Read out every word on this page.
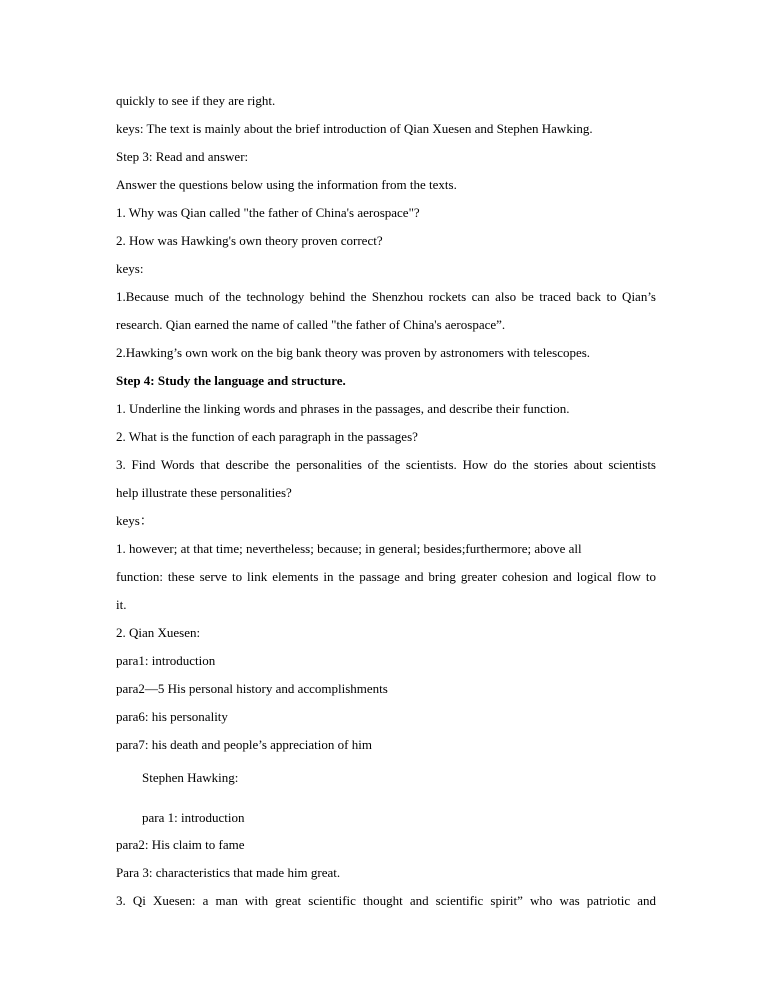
quickly to see if they are right.
keys: The text is mainly about the brief introduction of Qian Xuesen and Stephen Hawking.
Step 3: Read and answer:
Answer the questions below using the information from the texts.
1. Why was Qian called "the father of China's aerospace"?
2. How was Hawking's own theory proven correct?
keys:
1.Because much of the technology behind the Shenzhou rockets can also be traced back to Qian’s
research. Qian earned the name of called "the father of China's aerospace”.
2.Hawking’s own work on the big bank theory was proven by astronomers with telescopes.
Step 4: Study the language and structure.
1. Underline the linking words and phrases in the passages, and describe their function.
2. What is the function of each paragraph in the passages?
3. Find Words that describe the personalities of the scientists. How do the stories about scientists
help illustrate these personalities?
keys：
1. however; at that time; nevertheless; because; in general; besides;furthermore; above all
function: these serve to link elements in the passage and bring greater cohesion and logical flow to
it.
2. Qian Xuesen:
para1: introduction
para2—5 His personal history and accomplishments
para6: his personality
para7: his death and people’s appreciation of him
Stephen Hawking:
para 1: introduction
para2: His claim to fame
Para 3: characteristics that made him great.
3. Qi Xuesen: a man with great scientific thought and scientific spirit” who was patriotic and
